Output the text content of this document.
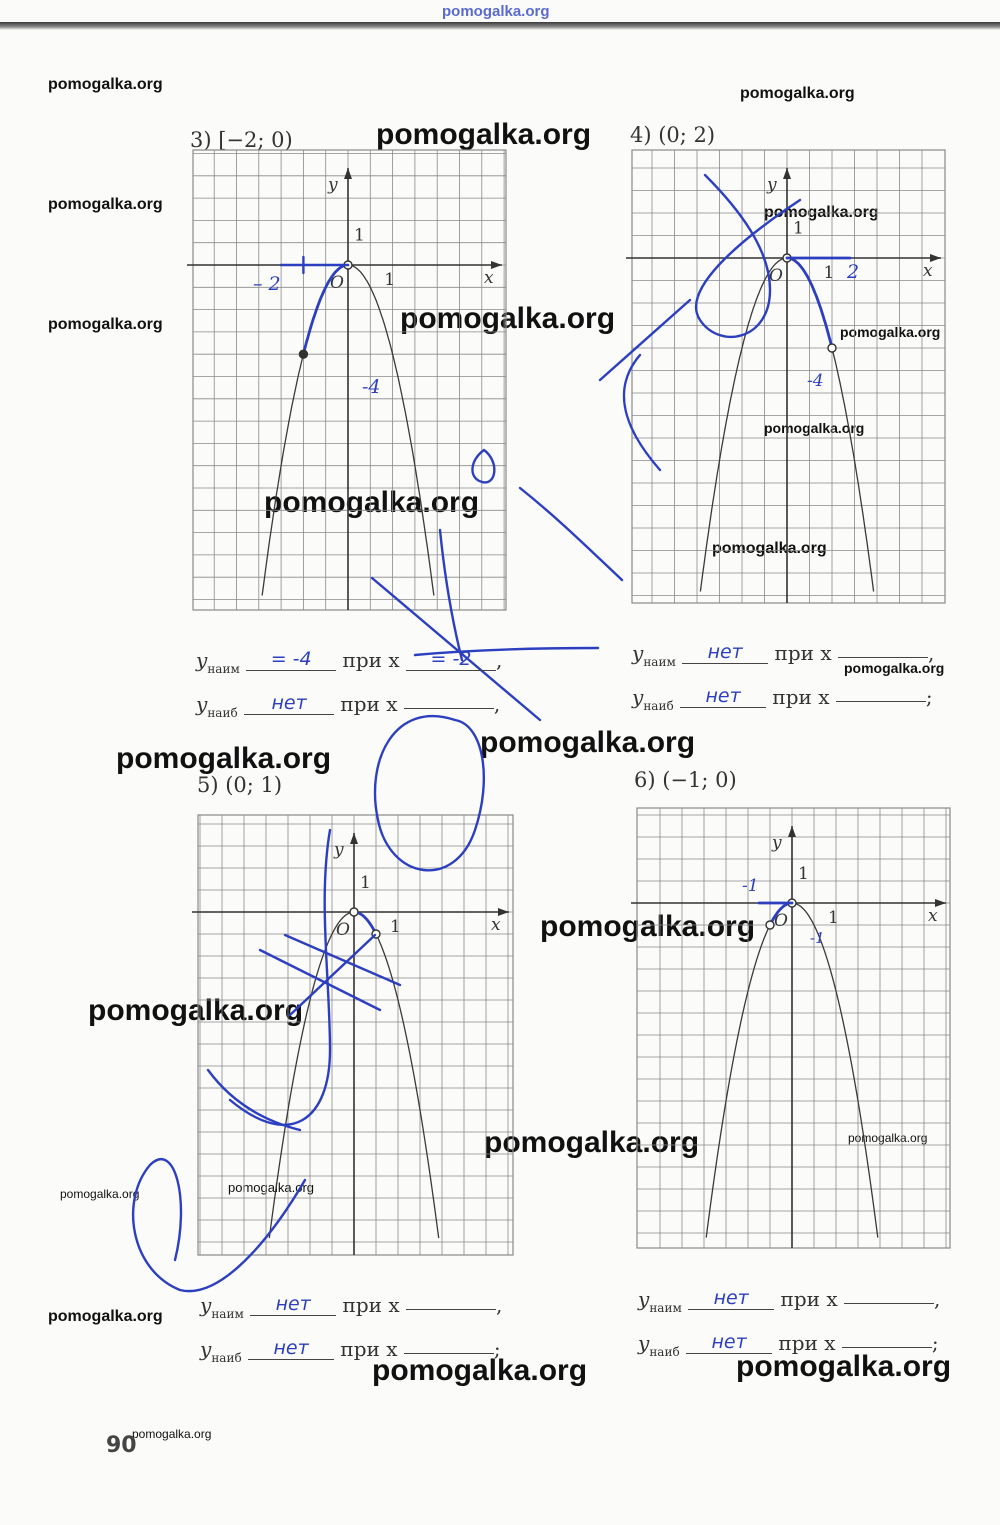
pomogalka.org
pomogalka.org
pomogalka.org
pomogalka.org
pomogalka.org	pomogalka.org
pomogalka.org	pomogalka.org	pomogalka.org
pomogalka.org
pomogalka.org
pomogalka.org
pomogalka.org
pomogalka.org
pomogalka.org
pomogalka.org
pomogalka.org
pomogalka.org	pomogalka.org
pomogalka.org
pomogalka.org
pomogalka.org
pomogalka.org	pomogalka.org
pomogalka.org
3) [−2; 0)	4) (0; 2)
5) (0; 1)	6) (−1; 0)
x
y
O
1
1	x
y
O
1
1
x
y
O
1
1
x
y
O
1
1
– 2
-4
2
-4
-1
-1
$y_{наим} = -4$ при x = -2 ,
$y_{наиб}$ нет при x	,
$y_{наим}$ нет при x	,
$y_{наиб}$ нет при x	;
$y_{наим}$ нет при x	,
$y_{наиб}$ нет при x	;
$y_{наим}$ нет при x	,
$y_{наиб}$ нет при x	;
90
